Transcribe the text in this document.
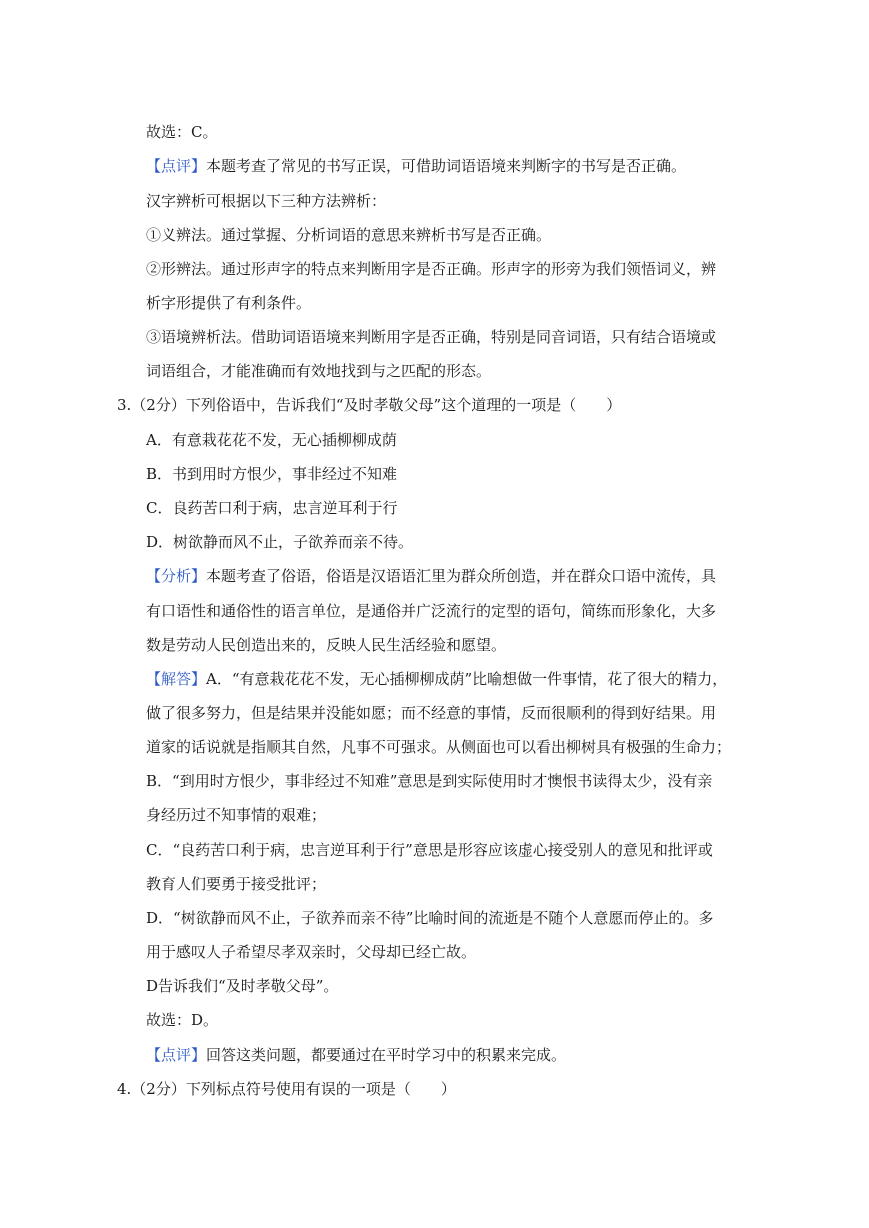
故选：C。
【点评】本题考查了常见的书写正误，可借助词语语境来判断字的书写是否正确。
汉字辨析可根据以下三种方法辨析：
①义辨法。通过掌握、分析词语的意思来辨析书写是否正确。
②形辨法。通过形声字的特点来判断用字是否正确。形声字的形旁为我们领悟词义，辨
析字形提供了有利条件。
③语境辨析法。借助词语语境来判断用字是否正确，特别是同音词语，只有结合语境或
词语组合，才能准确而有效地找到与之匹配的形态。
3.（2分）下列俗语中，告诉我们“及时孝敬父母”这个道理的一项是（　　）
A．有意栽花花不发，无心插柳柳成荫
B．书到用时方恨少，事非经过不知难
C．良药苦口利于病，忠言逆耳利于行
D．树欲静而风不止，子欲养而亲不待。
【分析】本题考查了俗语，俗语是汉语语汇里为群众所创造，并在群众口语中流传，具
有口语性和通俗性的语言单位，是通俗并广泛流行的定型的语句，简练而形象化，大多
数是劳动人民创造出来的，反映人民生活经验和愿望。
【解答】A．“有意栽花花不发，无心插柳柳成荫”比喻想做一件事情，花了很大的精力，
做了很多努力，但是结果并没能如愿；而不经意的事情，反而很顺利的得到好结果。用
道家的话说就是指顺其自然，凡事不可强求。从侧面也可以看出柳树具有极强的生命力；
B．“到用时方恨少，事非经过不知难”意思是到实际使用时才懊恨书读得太少，没有亲
身经历过不知事情的艰难；
C．“良药苦口利于病，忠言逆耳利于行”意思是形容应该虚心接受别人的意见和批评或
教育人们要勇于接受批评；
D．“树欲静而风不止，子欲养而亲不待”比喻时间的流逝是不随个人意愿而停止的。多
用于感叹人子希望尽孝双亲时，父母却已经亡故。
D告诉我们“及时孝敬父母”。
故选：D。
【点评】回答这类问题，都要通过在平时学习中的积累来完成。
4.（2分）下列标点符号使用有误的一项是（　　）
